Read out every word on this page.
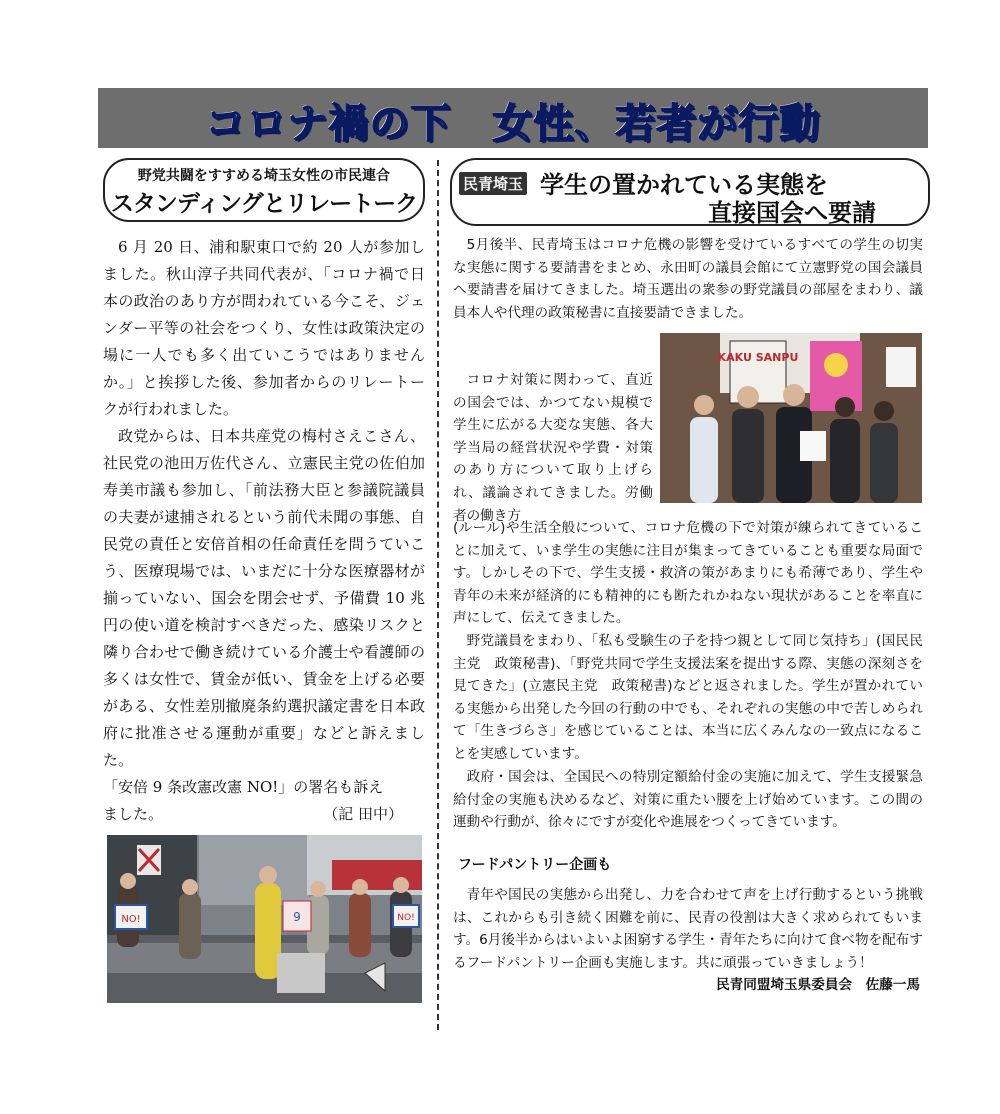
コロナ禍の下　女性、若者が行動
野党共闘をすすめる埼玉女性の市民連合
スタンディングとリレートーク
民青埼玉 学生の置かれている実態を
直接国会へ要請

6 月 20 日、浦和駅東口で約 20 人が参加しました。秋山淳子共同代表が、「コロナ禍で日本の政治のあり方が問われている今こそ、ジェンダー平等の社会をつくり、女性は政策決定の場に一人でも多く出ていこうではありませんか。」と挨拶した後、参加者からのリレートークが行われました。

政党からは、日本共産党の梅村さえこさん、社民党の池田万佐代さん、立憲民主党の佐伯加寿美市議も参加し、「前法務大臣と参議院議員の夫妻が逮捕されるという前代未聞の事態、自民党の責任と安倍首相の任命責任を問うていこう、医療現場では、いまだに十分な医療器材が揃っていない、国会を閉会せず、予備費 10 兆円の使い道を検討すべきだった、感染リスクと隣り合わせで働き続けている介護士や看護師の多くは女性で、賃金が低い、賃金を上げる必要がある、女性差別撤廃条約選択議定書を日本政府に批准させる運動が重要」などと訴えました。

「安倍 9 条改憲改憲 NO!」の署名も訴え

ました。	（記 田中）
NO!	9	NO!

5月後半、民青埼玉はコロナ危機の影響を受けているすべての学生の切実な実態に関する要請書をまとめ、永田町の議員会館にて立憲野党の国会議員へ要請書を届けてきました。埼玉選出の衆参の野党議員の部屋をまわり、議員本人や代理の政策秘書に直接要請できました。

KAKU SANPU

コロナ対策に関わって、直近の国会では、かつてない規模で学生に広がる大変な実態、各大学当局の経営状況や学費・対策のあり方について取り上げられ、議論されてきました。労働者の働き方

(ルール)や生活全般について、コロナ危機の下で対策が練られてきていることに加えて、いま学生の実態に注目が集まってきていることも重要な局面です。しかしその下で、学生支援・救済の策があまりにも希薄であり、学生や青年の未来が経済的にも精神的にも断たれかねない現状があることを率直に声にして、伝えてきました。

野党議員をまわり、「私も受験生の子を持つ親として同じ気持ち」(国民民主党　政策秘書)、「野党共同で学生支援法案を提出する際、実態の深刻さを見てきた」(立憲民主党　政策秘書)などと返されました。学生が置かれている実態から出発した今回の行動の中でも、それぞれの実態の中で苦しめられて「生きづらさ」を感じていることは、本当に広くみんなの一致点になることを実感しています。

政府・国会は、全国民への特別定額給付金の実施に加えて、学生支援緊急給付金の実施も決めるなど、対策に重たい腰を上げ始めています。この間の運動や行動が、徐々にですが変化や進展をつくってきています。

フードパントリー企画も

青年や国民の実態から出発し、力を合わせて声を上げ行動するという挑戦は、これからも引き続く困難を前に、民青の役割は大きく求められてもいます。6月後半からはいよいよ困窮する学生・青年たちに向けて食べ物を配布するフードパントリー企画も実施します。共に頑張っていきましょう！

民青同盟埼玉県委員会　佐藤一馬
